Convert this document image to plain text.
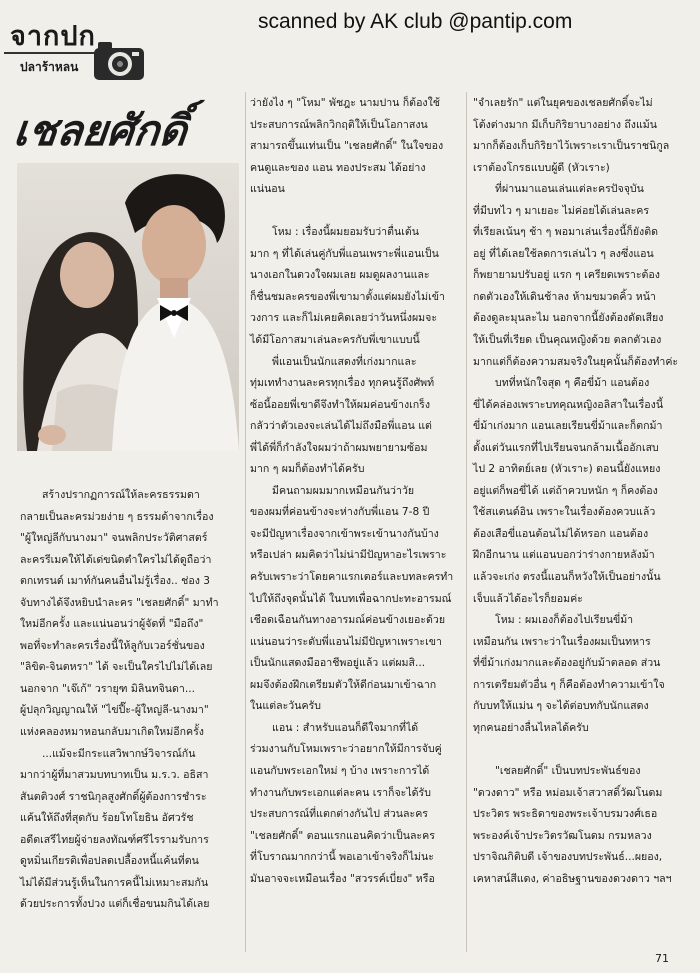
จากปก
ปลาร้าหลน
scanned by AK club @pantip.com
เชลยศักดิ์

สร้างปรากฏการณ์ให้ละครธรรมดา

กลายเป็นละครม่วยง่าย ๆ ธรรมด้าจากเรื่อง

"ผู้ใหญ่ลีกับนางมา" จนพลิกประวัติศาสตร์

ละครรีเมคให้ได้เด่ขนิดตำใครไม่ได้ดูถือว่า

ตกเทรนด์ เมาท์กันคนอื่นไม่รู้เรื่อง.. ช่อง 3

จับทางได้จึงหยิบนำละคร "เชลยศักดิ์" มาทำ

ใหม่อีกครั้ง และแน่นอนว่าผู้จัดที่ "มือถึง"

พอที่จะทำละครเรื่องนี้ให้ลูกับเวอร์ชั่นของ

"ลิขิต-จินตหรา" ได้ จะเป็นใครไปไม่ได้เลย

นอกจาก "เจ๊เก้" วรายุฑ มิลินทจินดา...

ผู้ปลุกวิญญาณให้ "ไข่ปี๊ะ-ผู้ใหญ่ลี-นางมา"

แห่งคลองหมาหอนกลับมาเกิดใหม่อีกครั้ง

...แม้จะมีกระแสวิพากษ์วิจารณ์กัน

มากว่าผู้ที่มาสวมบทบาทเป็น ม.ร.ว. อธิสา

สันตติวงศ์ ราชนิกุลสูงศักดิ์ผู้ต้องการชำระ

แค้นให้ถึงที่สุดกับ ร้อยโทโยธิน อัศวรัช

อดีตเสรีไทยผู้จ่ายลงทัณฑ์ศรีไรรามรับการ

ดูหมิ่นเกียรติเพื่อปลดเปลื้องหนี้แค้นที่ตน

ไม่ได้มีส่วนรู้เห็นในการคนี้ไม่เหมาะสมกัน

ด้วยประการทั้งปวง แต่ก็เชื่อขนมกินได้เลย

ว่ายังไง ๆ "โหม" พัชฎะ นามปาน ก็ต้องใช้

ประสบการณ์พลิกวิกฤติให้เป็นโอกาสงน

สามารถขึ้นแท่นเป็น "เชลยศักดิ์" ในใจของ

คนดูและของ แอน ทองประสม ได้อย่าง

แน่นอน

โหม : เรื่องนี้ผมยอมรับว่าตื่นเต้น

มาก ๆ ที่ได้เล่นคู่กับพี่แอนเพราะพี่แอนเป็น

นางเอกในดวงใจผมเลย ผมดูผลงานและ

ก็ชื่นชมละครของพี่เขามาตั้งแต่ผมยังไม่เข้า

วงการ และก็ไม่เคยคิดเลยว่าวันหนึ่งผมจะ

ได้มีโอกาสมาเล่นละครกับพี่เขาแบบนี้

พี่แอนเป็นนักแสดงที่เก่งมากและ

ทุ่มเททำงานละครทุกเรื่อง ทุกคนรู้ถึงศัพท์

ซ้อนี้ออยพี่เขาดีจึงทำให้ผมค่อนข้างเกร็ง

กลัวว่าตัวเองจะเล่นได้ไม่ถึงมือพี่แอน แต่

พี่ได้พี่ก็กำลังใจผมว่าถ้าผมพยายามซ้อม

มาก ๆ ผมก็ต้องทำได้ครับ

มีคนถามผมมากเหมือนกันว่าวัย

ของผมที่ค่อนข้างจะห่างกับพี่แอน 7-8 ปี

จะมีปัญหาเรื่องจากเข้าพระเข้านางกันบ้าง

หรือเปล่า ผมคิดว่าไม่น่ามีปัญหาอะไรเพราะ

ครับเพราะว่าโดยคาแรกเตอร์และบทละครทำ

ไปให้ถึงจุดนั้นได้ ในบทเพื่อฉากปะทะอารมณ์

เชือดเฉือนกันทางอารมณ์ค่อนข้างเยอะด้วย

แน่นอนว่าระดับพี่แอนไม่มีปัญหาเพราะเขา

เป็นนักแสดงมืออาชีพอยู่แล้ว แต่ผมสิ...

ผมจึงต้องฝึกเตรียมตัวให้ดีก่อนมาเข้าฉาก

ในแต่ละวันครับ

แอน : สำหรับแอนก็ดีใจมากที่ได้

ร่วมงานกับโหมเพราะว่าอยากให้มีการจับคู่

แอนกับพระเอกใหม่ ๆ บ้าง เพราะการได้

ทำงานกับพระเอกแต่ละคน เราก็จะได้รับ

ประสบการณ์ที่แตกต่างกันไป ส่วนละคร

"เชลยศักดิ์" ตอนแรกแอนคิดว่าเป็นละคร

ที่โบราณมากกว่านี้ พอเอาเข้าจริงก็ไม่นะ

มันอาจจะเหมือนเรื่อง "สวรรค์เบี่ยง" หรือ

"จำเลยรัก" แต่ในยุคของเชลยศักดิ์จะไม่

โต้งต่างมาก มีเก็บกิริยาบางอย่าง ถึงแม้น

มากก็ต้องเก็บกิริยาไว้เพราะเราเป็นราชนิกูล

เราต้องโกรธแบบผู้ดี (หัวเราะ)

ที่ผ่านมาแอนเล่นแต่ละครปัจจุบัน

ที่มีบทไว ๆ มาเยอะ ไม่ค่อยได้เล่นละคร

ที่เรียลเน้นๆ ช้า ๆ พอมาเล่นเรื่องนี้ก็ยังติด

อยู่ ที่ได้เลยใช้ลดการเล่นไว ๆ ลงซึ่งแอน

ก็พยายามปรับอยู่ แรก ๆ เครียดเพราะต้อง

กดตัวเองให้เดินช้าลง ห้ามขมวดคิ้ว หน้า

ต้องดูละมุนละไม นอกจากนี้ยังต้องดัดเสียง

ให้เป็นที่เรียด เป็นคุณหญิงด้วย ตลกตัวเอง

มากแต่ก็ต้องความสมจริงในยุคนั้นก็ต้องทำค่ะ

บทที่หนักใจสุด ๆ คือขี่ม้า แอนต้อง

ขี่ได้คล่องเพราะบทคุณหญิงอลิสาในเรื่องนี้

ขี่ม้าเก่งมาก แอนเลยเรียนขี่ม้าและก็ตกม้า

ตั้งแต่วันแรกที่ไปเรียนจนกล้ามเนื้ออักเสบ

ไป 2 อาทิตย์เลย (หัวเราะ) ตอนนี้ยังแหยง

อยู่แต่ก็พอขี่ได้ แต่ถ้าควบหนัก ๆ ก็คงต้อง

ใช้สแตนด์อิน เพราะในเรื่องต้องควบแล้ว

ต้องเสือขี่แอนต้อนไม่ได้หรอก แอนต้อง

ฝึกอีกนาน แต่แอนบอกว่าร่างกายหลังม้า

แล้วจะเก่ง ตรงนี้แอนก็หวังให้เป็นอย่างนั้น

เจ็บแล้วได้อะไรก็ยอมค่ะ

โหม : ผมเองก็ต้องไปเรียนขี่ม้า

เหมือนกัน เพราะว่าในเรื่องผมเป็นทหาร

ที่ขี่ม้าเก่งมากและต้องอยู่กับม้าตลอด ส่วน

การเตรียมตัวอื่น ๆ ก็คือต้องทำความเข้าใจ

กับบทให้แม่น ๆ จะได้ต่อบทกับนักแสดง

ทุกคนอย่างลื่นไหลได้ครับ

"เชลยศักดิ์" เป็นบทประพันธ์ของ

"ดวงดาว" หรือ หม่อมเจ้าสวาสดิ์วัฒโนดม

ประวิตร พระธิดาของพระเจ้าบรมวงศ์เธอ

พระองค์เจ้าประวิตรวัฒโนดม กรมหลวง

ปราจิณกิติบดี เจ้าของบทประพันธ์...ผยอง,

เคหาสน์สีแดง, ค่าอธิษฐานของดวงดาว ฯลฯ

71
